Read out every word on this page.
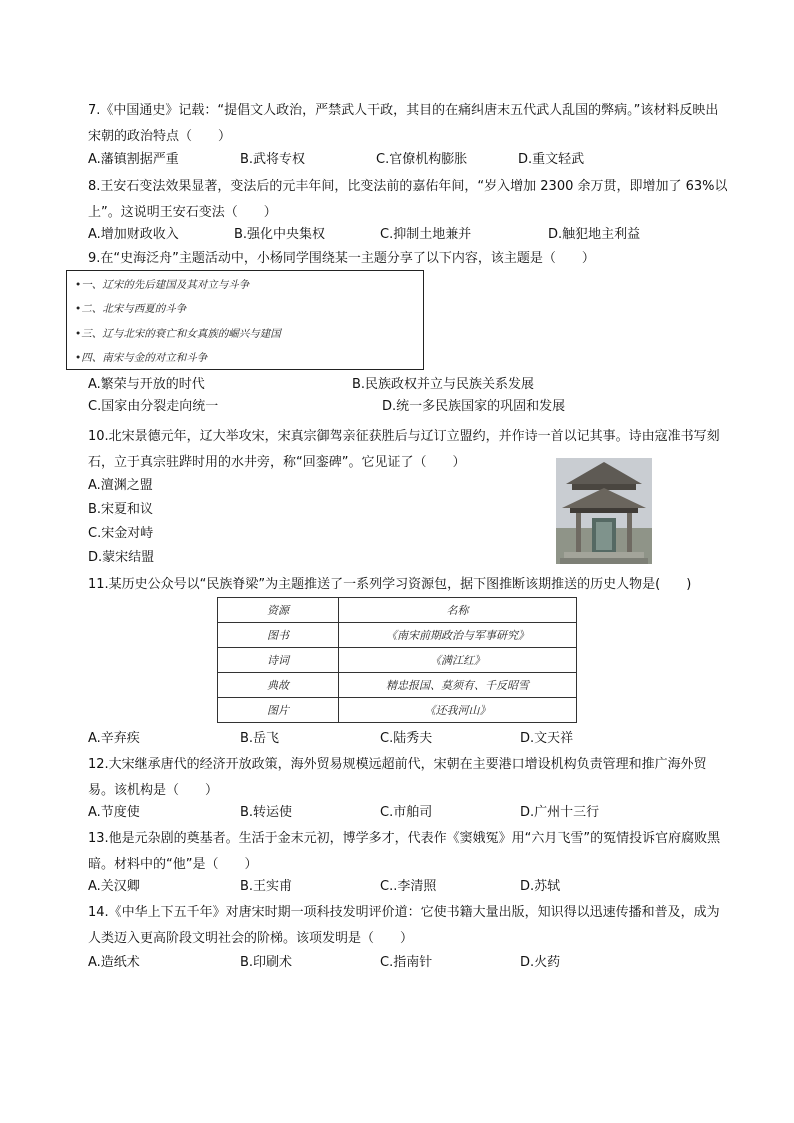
7.《中国通史》记载：“提倡文人政治，严禁武人干政，其目的在痛纠唐末五代武人乱国的弊病。”该材料反映出宋朝的政治特点（　　）
A.藩镇割据严重	B.武将专权	C.官僚机构膨胀	D.重文轻武
8.王安石变法效果显著，变法后的元丰年间，比变法前的嘉佑年间，“岁入增加 2300 余万贯，即增加了 63%以上”。这说明王安石变法（　　）
A.增加财政收入	B.强化中央集权	C.抑制土地兼并	D.触犯地主利益
9.在“史海泛舟”主题活动中，小杨同学围绕某一主题分享了以下内容，该主题是（　　）
•一、辽宋的先后建国及其对立与斗争
•二、北宋与西夏的斗争
•三、辽与北宋的衰亡和女真族的崛兴与建国
•四、南宋与金的对立和斗争
A.繁荣与开放的时代	B.民族政权并立与民族关系发展
C.国家由分裂走向统一	D.统一多民族国家的巩固和发展
10.北宋景德元年，辽大举攻宋，宋真宗御驾亲征获胜后与辽订立盟约，并作诗一首以记其事。诗由寇准书写刻石，立于真宗驻跸时用的水井旁，称“回銮碑”。它见证了（　　）
A.澶渊之盟
B.宋夏和议
C.宋金对峙
D.蒙宋结盟
11.某历史公众号以“民族脊梁”为主题推送了一系列学习资源包，据下图推断该期推送的历史人物是(　　)
资源	名称
图书	《南宋前期政治与军事研究》
诗词	《满江红》
典故	精忠报国、莫须有、千反昭雪
图片	《还我河山》
A.辛弃疾	B.岳飞	C.陆秀夫	D.文天祥
12.大宋继承唐代的经济开放政策，海外贸易规模远超前代，宋朝在主要港口增设机构负责管理和推广海外贸易。该机构是（　　）
A.节度使	B.转运使	C.市舶司	D.广州十三行
13.他是元杂剧的奠基者。生活于金末元初，博学多才，代表作《窦娥冤》用“六月飞雪”的冤情投诉官府腐败黑暗。材料中的“他”是（　　）
A.关汉卿	B.王实甫	C..李清照	D.苏轼
14.《中华上下五千年》对唐宋时期一项科技发明评价道：它使书籍大量出版，知识得以迅速传播和普及，成为人类迈入更高阶段文明社会的阶梯。该项发明是（　　）
A.造纸术	B.印刷术	C.指南针	D.火药
